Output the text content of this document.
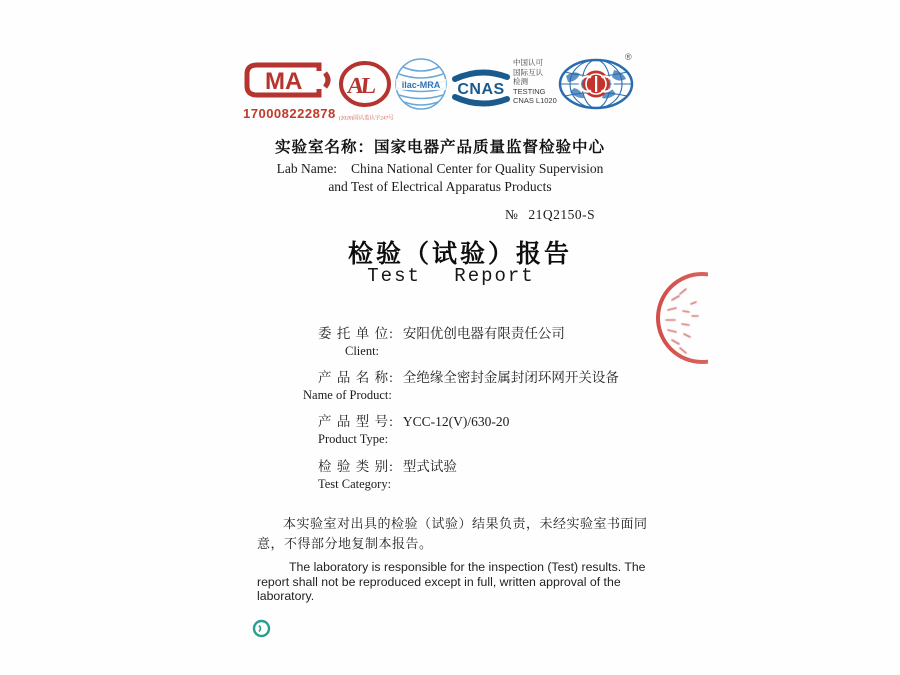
MA
170008222878
AL
(2020)国认监认字247号
ilac-MRA CNAS
中国认可
国际互认
检测
TESTING
CNAS L1020
®
实验室名称：国家电器产品质量监督检验中心
Lab Name: China National Center for Quality Supervision
and Test of Electrical Apparatus Products
№ 21Q2150-S
检验（试验）报告
Test Report
委 托 单 位: 安阳优创电器有限责任公司
Client:
产 品 名 称: 全绝缘全密封金属封闭环网开关设备
Name of Product:
产 品 型 号: YCC-12(V)/630-20
Product Type:
检 验 类 别: 型式试验
Test Category:

本实验室对出具的检验（试验）结果负责，未经实验室书面同意，不得部分地复制本报告。

The laboratory is responsible for the inspection (Test) results. The report shall not be reproduced except in full, written approval of the laboratory.
